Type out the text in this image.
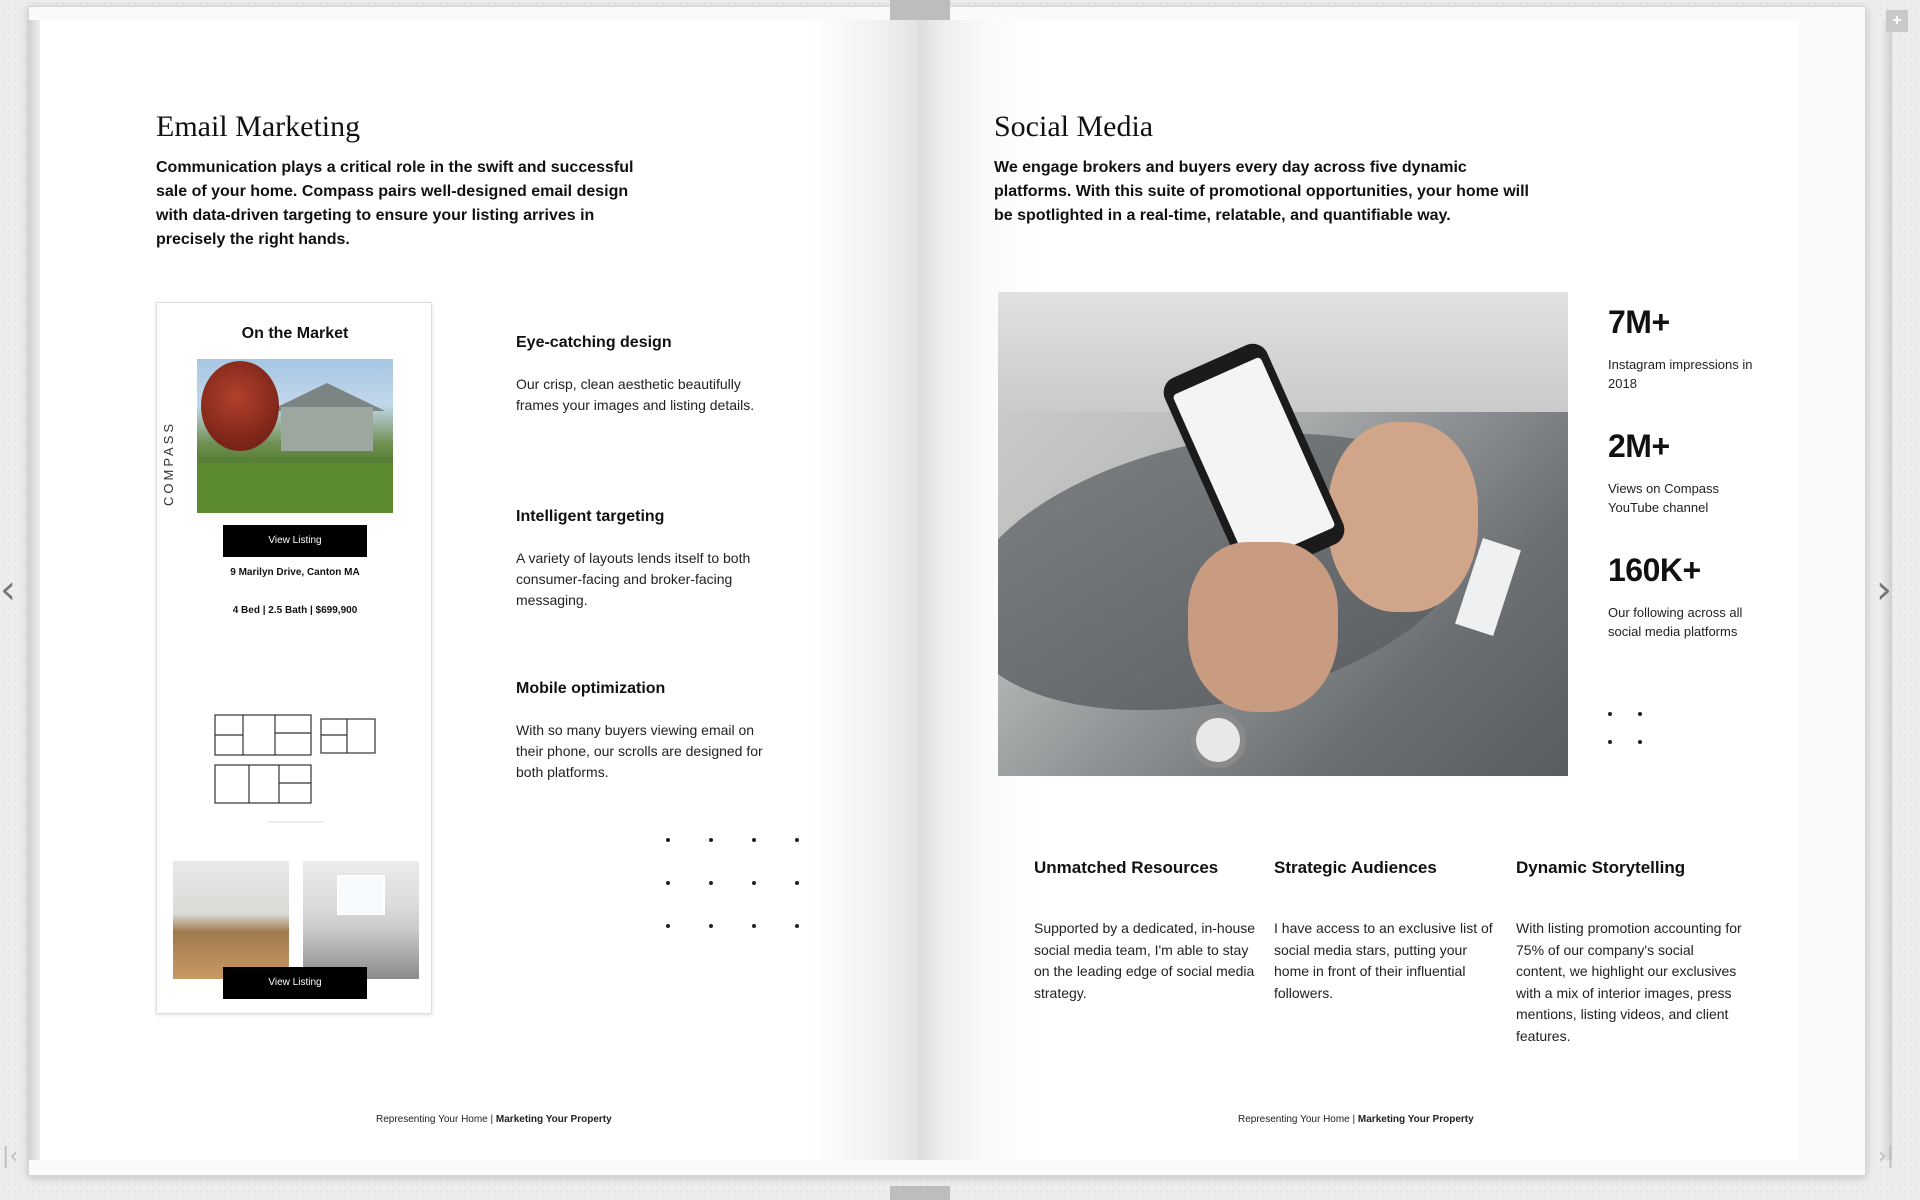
Email Marketing

Communication plays a critical role in the swift and successful sale of your home. Compass pairs well-designed email design with data-driven targeting to ensure your listing arrives in precisely the right hands.

On the Market
COMPASS
View Listing
9 Marilyn Drive, Canton MA
4 Bed | 2.5 Bath | $699,900
View Listing
Eye-catching design

Our crisp, clean aesthetic beautifully frames your images and listing details.

Intelligent targeting

A variety of layouts lends itself to both consumer-facing and broker-facing messaging.

Mobile optimization

With so many buyers viewing email on their phone, our scrolls are designed for both platforms.

Representing Your Home | Marketing Your Property
Social Media

We engage brokers and buyers every day across five dynamic platforms. With this suite of promotional opportunities, your home will be spotlighted in a real-time, relatable, and quantifiable way.

7M+
Instagram impressions in 2018
2M+
Views on Compass YouTube channel
160K+
Our following across all social media platforms
Unmatched Resources

Supported by a dedicated, in-house social media team, I'm able to stay on the leading edge of social media strategy.

Strategic Audiences

I have access to an exclusive list of social media stars, putting your home in front of their influential followers.

Dynamic Storytelling

With listing promotion accounting for 75% of our company's social content, we highlight our exclusives with a mix of interior images, press mentions, listing videos, and client features.

Representing Your Home | Marketing Your Property
‹	›
|‹	›|
+
